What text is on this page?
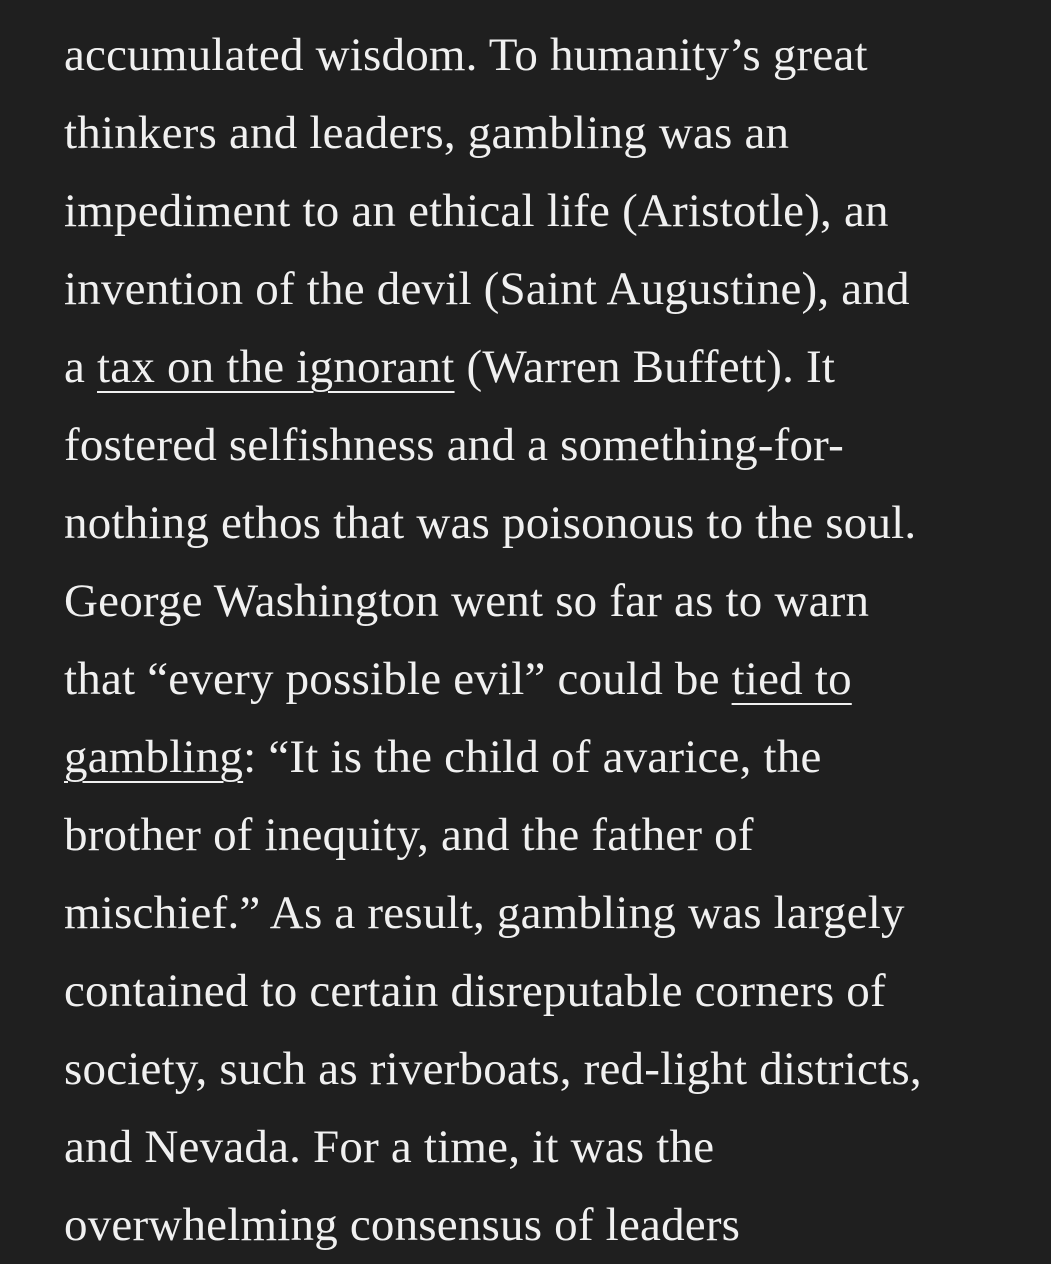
accumulated wisdom. To humanity’s great
thinkers and leaders, gambling was an
impediment to an ethical life (Aristotle), an
invention of the devil (Saint Augustine), and
a tax on the ignorant (Warren Buffett). It
fostered selfishness and a something-for-
nothing ethos that was poisonous to the soul.
George Washington went so far as to warn
that “every possible evil” could be tied to
gambling: “It is the child of avarice, the
brother of inequity, and the father of
mischief.” As a result, gambling was largely
contained to certain disreputable corners of
society, such as riverboats, red-light districts,
and Nevada. For a time, it was the
overwhelming consensus of leaders
